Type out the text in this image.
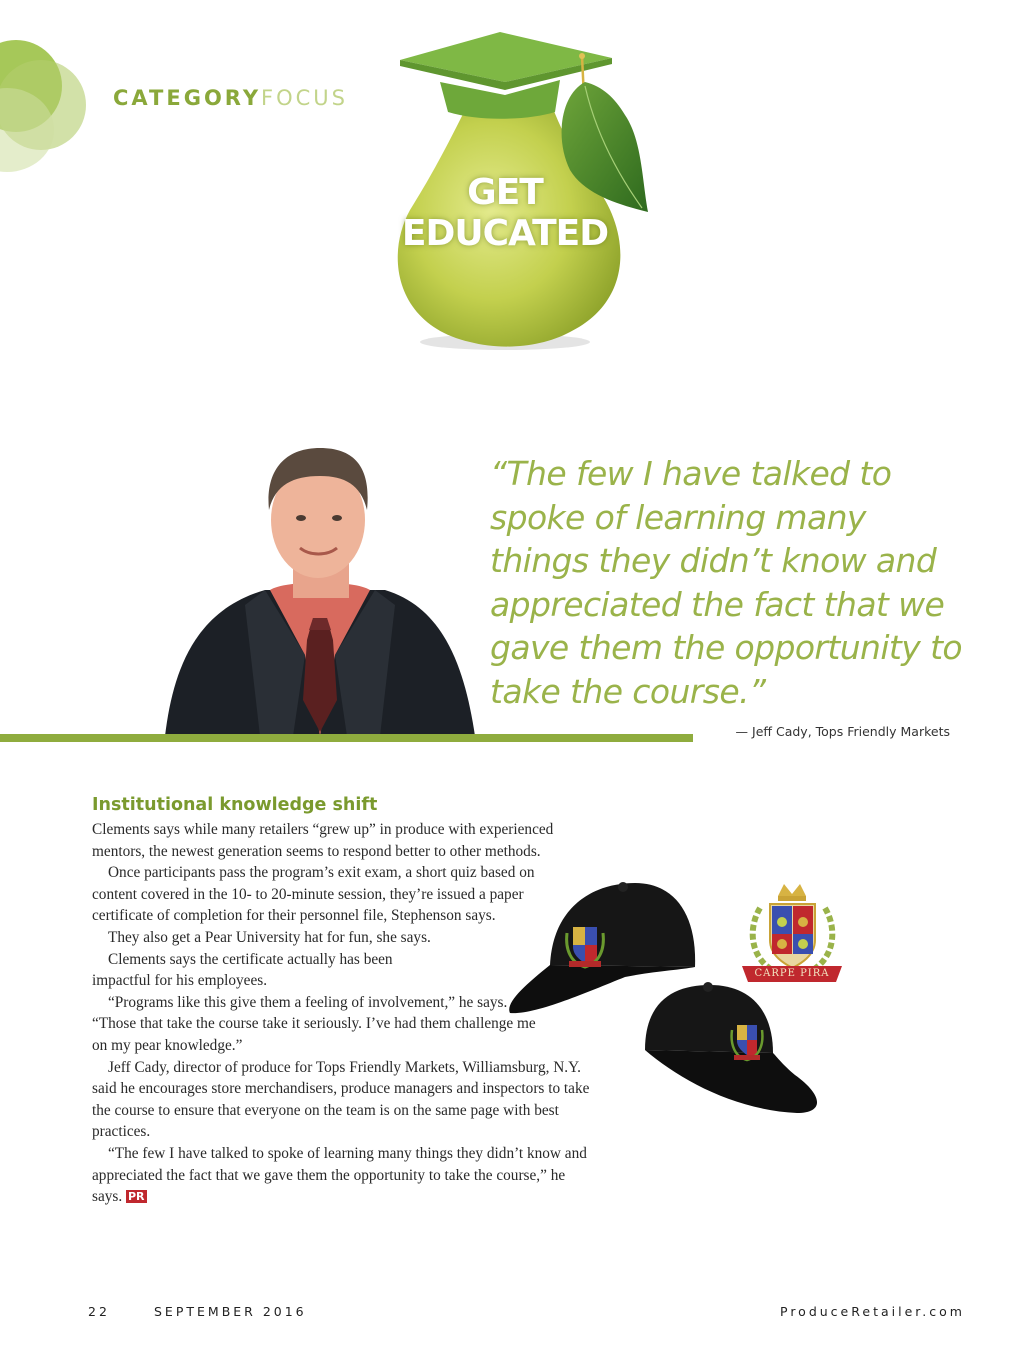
CATEGORYFOCUS
GET
EDUCATED
“The few I have talked to spoke of learning many things they didn’t know and appreciated the fact that we gave them the opportunity to take the course.”
— Jeff Cady, Tops Friendly Markets
Institutional knowledge shift

Clements says while many retailers “grew up” in produce with experienced mentors, the newest generation seems to respond better to other methods.

Once participants pass the program’s exit exam, a short quiz based on content covered in the 10- to 20-minute session, they’re issued a paper certificate of completion for their personnel file, Stephenson says.

They also get a Pear University hat for fun, she says.

Clements says the certificate actually has been impactful for his employees.

“Programs like this give them a feeling of involvement,” he says. “Those that take the course take it seriously. I’ve had them challenge me on my pear knowledge.”

Jeff Cady, director of produce for Tops Friendly Markets, Williamsburg, N.Y. said he encourages store merchandisers, produce managers and inspectors to take the course to ensure that everyone on the team is on the same page with best practices.

“The few I have talked to spoke of learning many things they didn’t know and appreciated the fact that we gave them the opportunity to take the course,” he says. PR

CARPE PIRA
22	SEPTEMBER 2016	ProduceRetailer.com
